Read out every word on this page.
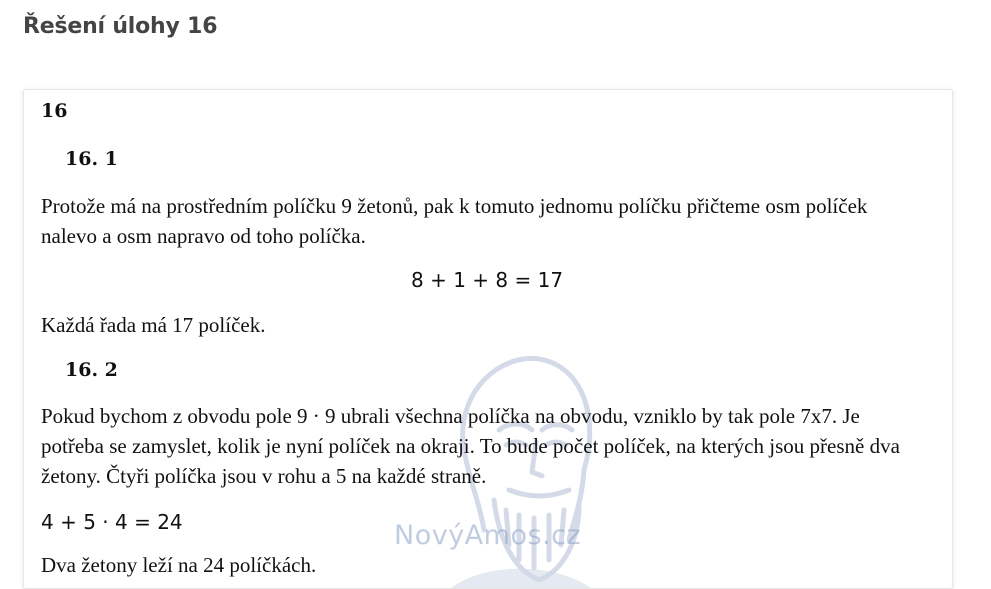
Řešení úlohy 16
NovýAmos.cz
16
16. 1

Protože má na prostředním políčku 9 žetonů, pak k tomuto jednomu políčku přičteme osm políček nalevo a osm napravo od toho políčka.

8 + 1 + 8 = 17

Každá řada má 17 políček.

16. 2

Pokud bychom z obvodu pole 9 · 9 ubrali všechna políčka na obvodu, vzniklo by tak pole 7x7. Je potřeba se zamyslet, kolik je nyní políček na okraji. To bude počet políček, na kterých jsou přesně dva žetony. Čtyři políčka jsou v rohu a 5 na každé straně.

4 + 5 · 4 = 24

Dva žetony leží na 24 políčkách.
